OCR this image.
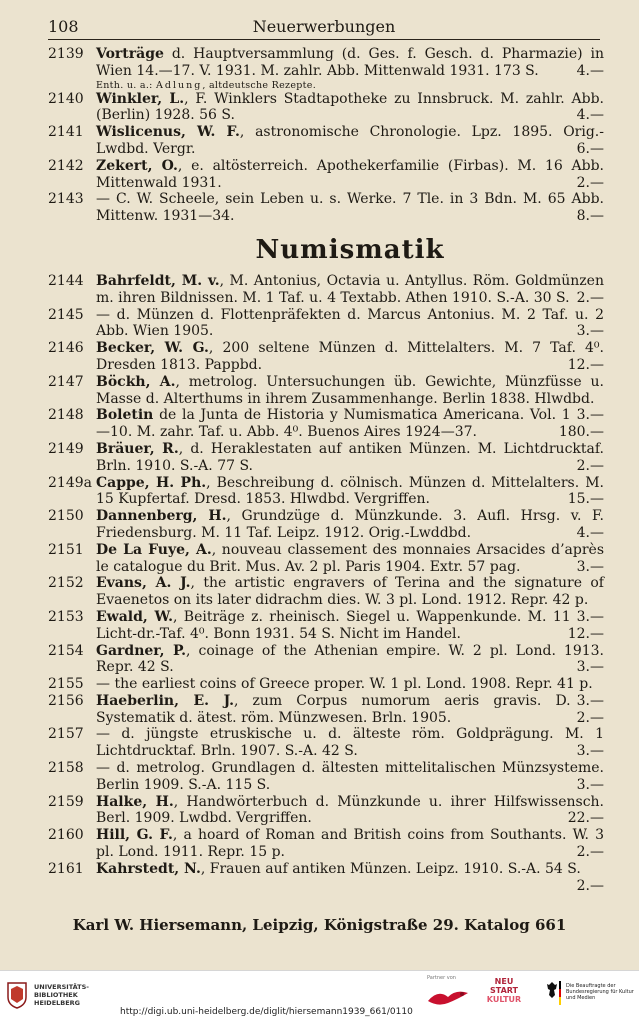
108	Neuerwerbungen
2139 Vorträge d. Hauptversammlung (d. Ges. f. Gesch. d. Pharmazie) in Wien 14.—17. V. 1931. M. zahlr. Abb. Mittenwald 1931. 173 S.	4.—
Enth. u. a.: Adlung, altdeutsche Rezepte.
2140 Winkler, L., F. Winklers Stadtapotheke zu Innsbruck. M. zahlr. Abb. (Berlin) 1928. 56 S.	4.—
2141 Wislicenus, W. F., astronomische Chronologie. Lpz. 1895. Orig.-Lwdbd. Vergr.	6.—
2142 Zekert, O., e. altösterreich. Apothekerfamilie (Firbas). M. 16 Abb. Mittenwald 1931.	2.—
2143 — C. W. Scheele, sein Leben u. s. Werke. 7 Tle. in 3 Bdn. M. 65 Abb. Mittenw. 1931—34.	8.—
Numismatik
2144 Bahrfeldt, M. v., M. Antonius, Octavia u. Antyllus. Röm. Goldmünzen m. ihren Bildnissen. M. 1 Taf. u. 4 Textabb. Athen 1910. S.-A. 30 S. 2.—
2145 — d. Münzen d. Flottenpräfekten d. Marcus Antonius. M. 2 Taf. u. 2 Abb. Wien 1905.	3.—
2146 Becker, W. G., 200 seltene Münzen d. Mittelalters. M. 7 Taf. 4⁰. Dresden 1813. Pappbd.	12.—
2147 Böckh, A., metrolog. Untersuchungen üb. Gewichte, Münzfüsse u. Masse d. Alterthums in ihrem Zusammenhange. Berlin 1838. Hlwdbd.
3.—
2148 Boletin de la Junta de Historia y Numismatica Americana. Vol. 1—10. M. zahr. Taf. u. Abb. 4⁰. Buenos Aires 1924—37.	180.—
2149 Bräuer, R., d. Heraklestaten auf antiken Münzen. M. Lichtdrucktaf. Brln. 1910. S.-A. 77 S.	2.—
2149a Cappe, H. Ph., Beschreibung d. cölnisch. Münzen d. Mittelalters. M. 15 Kupfertaf. Dresd. 1853. Hlwdbd. Vergriffen.	15.—
2150 Dannenberg, H., Grundzüge d. Münzkunde. 3. Aufl. Hrsg. v. F. Friedensburg. M. 11 Taf. Leipz. 1912. Orig.-Lwddbd.	4.—
2151 De La Fuye, A., nouveau classement des monnaies Arsacides d’après le catalogue du Brit. Mus. Av. 2 pl. Paris 1904. Extr. 57 pag.	3.—
2152 Evans, A. J., the artistic engravers of Terina and the signature of Evaenetos on its later didrachm dies. W. 3 pl. Lond. 1912. Repr. 42 p.
3.—
2153 Ewald, W., Beiträge z. rheinisch. Siegel u. Wappenkunde. M. 11 Licht-dr.-Taf. 4⁰. Bonn 1931. 54 S. Nicht im Handel.	12.—
2154 Gardner, P., coinage of the Athenian empire. W. 2 pl. Lond. 1913. Repr. 42 S.	3.—
2155 — the earliest coins of Greece proper. W. 1 pl. Lond. 1908. Repr. 41 p.
3.—
2156 Haeberlin, E. J., zum Corpus numorum aeris gravis. D. Systematik d. ätest. röm. Münzwesen. Brln. 1905.	2.—
2157 — d. jüngste etruskische u. d. älteste röm. Goldprägung. M. 1 Lichtdrucktaf. Brln. 1907. S.-A. 42 S.	3.—
2158 — d. metrolog. Grundlagen d. ältesten mittelitalischen Münzsysteme. Berlin 1909. S.-A. 115 S.	3.—
2159 Halke, H., Handwörterbuch d. Münzkunde u. ihrer Hilfswissensch. Berl. 1909. Lwdbd. Vergriffen.	22.—
2160 Hill, G. F., a hoard of Roman and British coins from Southants. W. 3 pl. Lond. 1911. Repr. 15 p.	2.—
2161 Kahrstedt, N., Frauen auf antiken Münzen. Leipz. 1910. S.-A. 54 S.
2.—
Karl W. Hiersemann, Leipzig, Königstraße 29. Katalog 661
UNIVERSITÄTS-
BIBLIOTHEK
HEIDELBERG
http://digi.ub.uni-heidelberg.de/diglit/hiersemann1939_661/0110
Partner von	NEU
START
KULTUR
Die Beauftragte der Bundesregierung für Kultur und Medien
